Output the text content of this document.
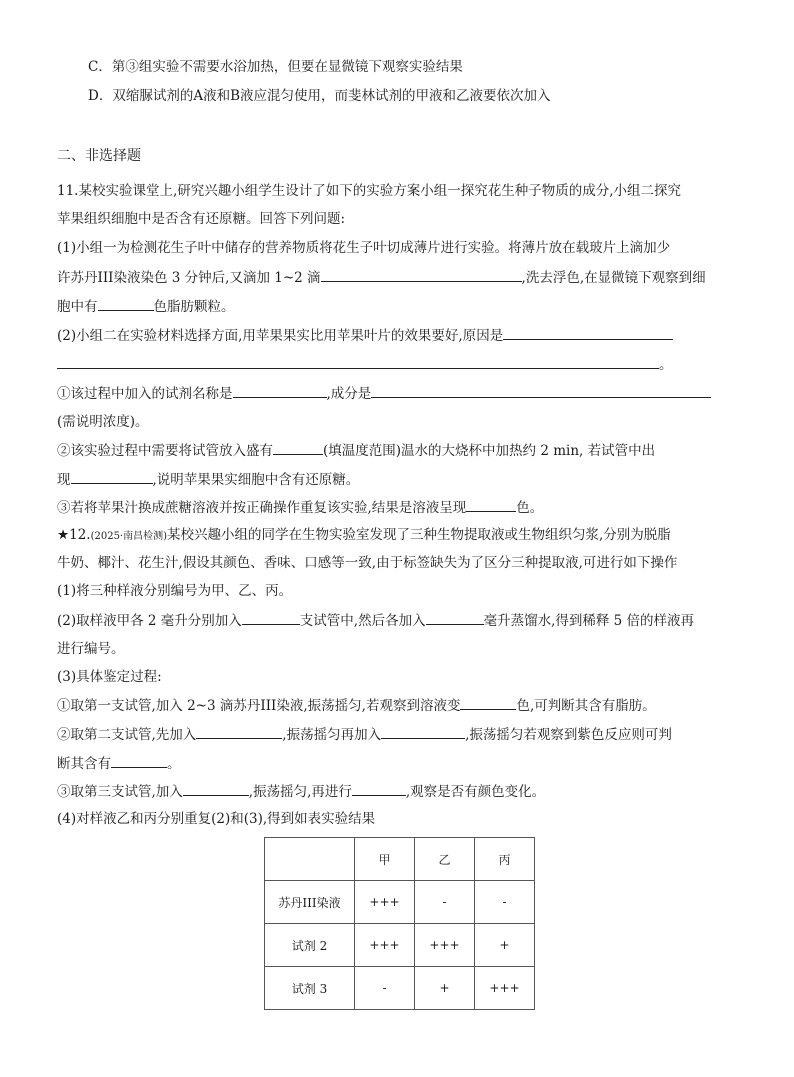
C．第③组实验不需要水浴加热，但要在显微镜下观察实验结果
D．双缩脲试剂的A液和B液应混匀使用，而斐林试剂的甲液和乙液要依次加入
二、非选择题
11.某校实验课堂上,研究兴趣小组学生设计了如下的实验方案小组一探究花生种子物质的成分,小组二探究
苹果组织细胞中是否含有还原糖。回答下列问题:
(1)小组一为检测花生子叶中储存的营养物质将花生子叶切成薄片进行实验。将薄片放在载玻片上滴加少
许苏丹III染液染色 3 分钟后,又滴加 1~2 滴	,洗去浮色,在显微镜下观察到细
胞中有	色脂肪颗粒。
(2)小组二在实验材料选择方面,用苹果果实比用苹果叶片的效果要好,原因是
。
①该过程中加入的试剂名称是	,成分是
(需说明浓度)。
②该实验过程中需要将试管放入盛有	(填温度范围)温水的大烧杯中加热约 2 min, 若试管中出
现	,说明苹果果实细胞中含有还原糖。
③若将苹果汁换成蔗糖溶液并按正确操作重复该实验,结果是溶液呈现	色。
★12.(2025·南昌检测)某校兴趣小组的同学在生物实验室发现了三种生物提取液或生物组织匀浆,分别为脱脂
牛奶、椰汁、花生汁,假设其颜色、香味、口感等一致,由于标签缺失为了区分三种提取液,可进行如下操作
(1)将三种样液分别编号为甲、乙、丙。
(2)取样液甲各 2 毫升分别加入	支试管中,然后各加入	毫升蒸馏水,得到稀释 5 倍的样液再
进行编号。
(3)具体鉴定过程:
①取第一支试管,加入 2~3 滴苏丹III染液,振荡摇匀,若观察到溶液变	色,可判断其含有脂肪。
②取第二支试管,先加入	,振荡摇匀再加入	,振荡摇匀若观察到紫色反应则可判
断其含有	。
③取第三支试管,加入	,振荡摇匀,再进行	,观察是否有颜色变化。
(4)对样液乙和丙分别重复(2)和(3),得到如表实验结果
	甲	乙	丙
苏丹III染液	+++	-	-
试剂 2	+++	+++	+
试剂 3	-	+	+++
